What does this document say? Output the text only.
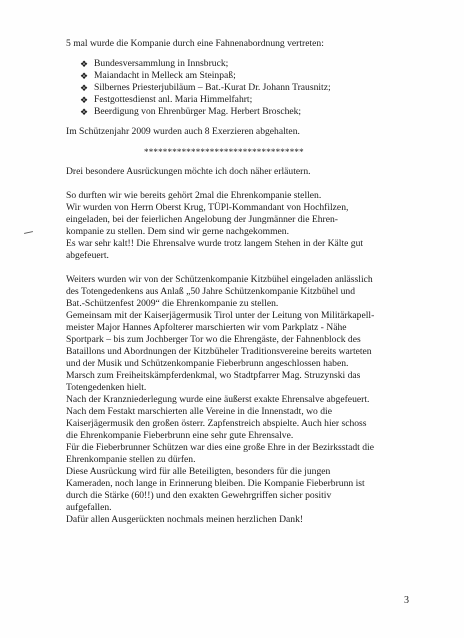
5 mal wurde die Kompanie durch eine Fahnenabordnung vertreten:

❖ Bundesversammlung in Innsbruck;
❖ Maiandacht in Melleck am Steinpaß;
❖ Silbernes Priesterjubiläum – Bat.-Kurat Dr. Johann Trausnitz;
❖ Festgottesdienst anl. Maria Himmelfahrt;
❖ Beerdigung von Ehrenbürger Mag. Herbert Broschek;

Im Schützenjahr 2009 wurden auch 8 Exerzieren abgehalten.

**********************************

Drei besondere Ausrückungen möchte ich doch näher erläutern.

So durften wir wie bereits gehört 2mal die Ehrenkompanie stellen.

Wir wurden von Herrn Oberst Krug, TÜPl-Kommandant von Hochfilzen,

eingeladen, bei der feierlichen Angelobung der Jungmänner die Ehren-

kompanie zu stellen. Dem sind wir gerne nachgekommen.

Es war sehr kalt!! Die Ehrensalve wurde trotz langem Stehen in der Kälte gut

abgefeuert.

Weiters wurden wir von der Schützenkompanie Kitzbühel eingeladen anlässlich

des Totengedenkens aus Anlaß „50 Jahre Schützenkompanie Kitzbühel und

Bat.-Schützenfest 2009“ die Ehrenkompanie zu stellen.

Gemeinsam mit der Kaiserjägermusik Tirol unter der Leitung von Militärkapell-

meister Major Hannes Apfolterer marschierten wir vom Parkplatz - Nähe

Sportpark – bis zum Jochberger Tor wo die Ehrengäste, der Fahnenblock des

Bataillons und Abordnungen der Kitzbüheler Traditionsvereine bereits warteten

und der Musik und Schützenkompanie Fieberbrunn angeschlossen haben.

Marsch zum Freiheitskämpferdenkmal, wo Stadtpfarrer Mag. Struzynski das

Totengedenken hielt.

Nach der Kranzniederlegung wurde eine äußerst exakte Ehrensalve abgefeuert.

Nach dem Festakt marschierten alle Vereine in die Innenstadt, wo die

Kaiserjägermusik den großen österr. Zapfenstreich abspielte. Auch hier schoss

die Ehrenkompanie Fieberbrunn eine sehr gute Ehrensalve.

Für die Fieberbrunner Schützen war dies eine große Ehre in der Bezirksstadt die

Ehrenkompanie stellen zu dürfen.

Diese Ausrückung wird für alle Beteiligten, besonders für die jungen

Kameraden, noch lange in Erinnerung bleiben. Die Kompanie Fieberbrunn ist

durch die Stärke (60!!) und den exakten Gewehrgriffen sicher positiv

aufgefallen.

Dafür allen Ausgerückten nochmals meinen herzlichen Dank!

3
